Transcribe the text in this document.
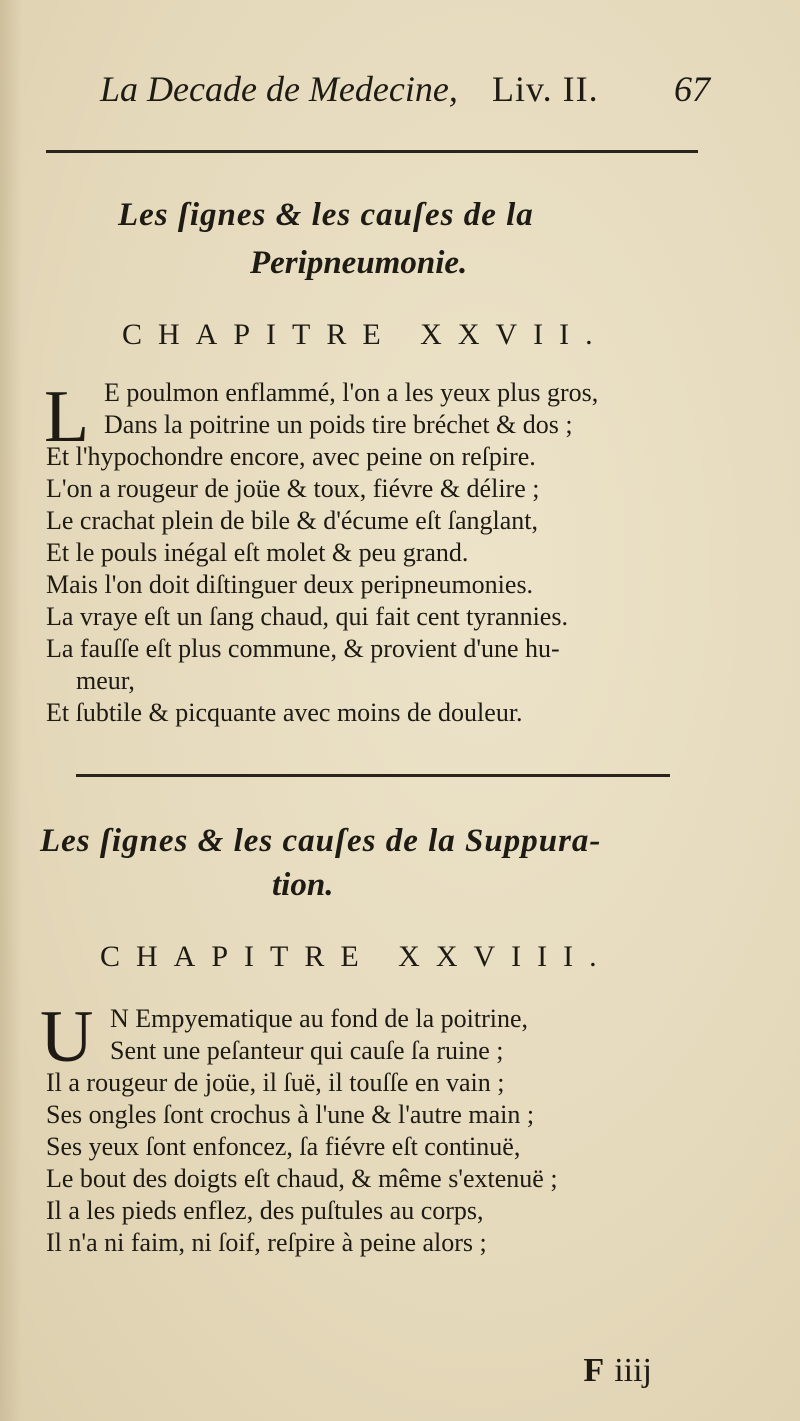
La Decade de Medecine, Liv. II. 67
Les ſignes & les cauſes de la
Peripneumonie.
CHAPITRE XXVII.
L E poulmon enflammé, l'on a les yeux plus gros,
Dans la poitrine un poids tire bréchet & dos ;
Et l'hypochondre encore, avec peine on reſpire.
L'on a rougeur de joüe & toux, fiévre & délire ;
Le crachat plein de bile & d'écume eſt ſanglant,
Et le pouls inégal eſt molet & peu grand.
Mais l'on doit diſtinguer deux peripneumonies.
La vraye eſt un ſang chaud, qui fait cent tyrannies.
La fauſſe eſt plus commune, & provient d'une hu-
meur,
Et ſubtile & picquante avec moins de douleur.
Les ſignes & les cauſes de la Suppura-
tion.
CHAPITRE XXVIII.
U N Empyematique au fond de la poitrine,
Sent une peſanteur qui cauſe ſa ruine ;
Il a rougeur de joüe, il ſuë, il touſſe en vain ;
Ses ongles ſont crochus à l'une & l'autre main ;
Ses yeux ſont enfoncez, ſa fiévre eſt continuë,
Le bout des doigts eſt chaud, & même s'extenuë ;
Il a les pieds enflez, des puſtules au corps,
Il n'a ni faim, ni ſoif, reſpire à peine alors ;
F iiij
